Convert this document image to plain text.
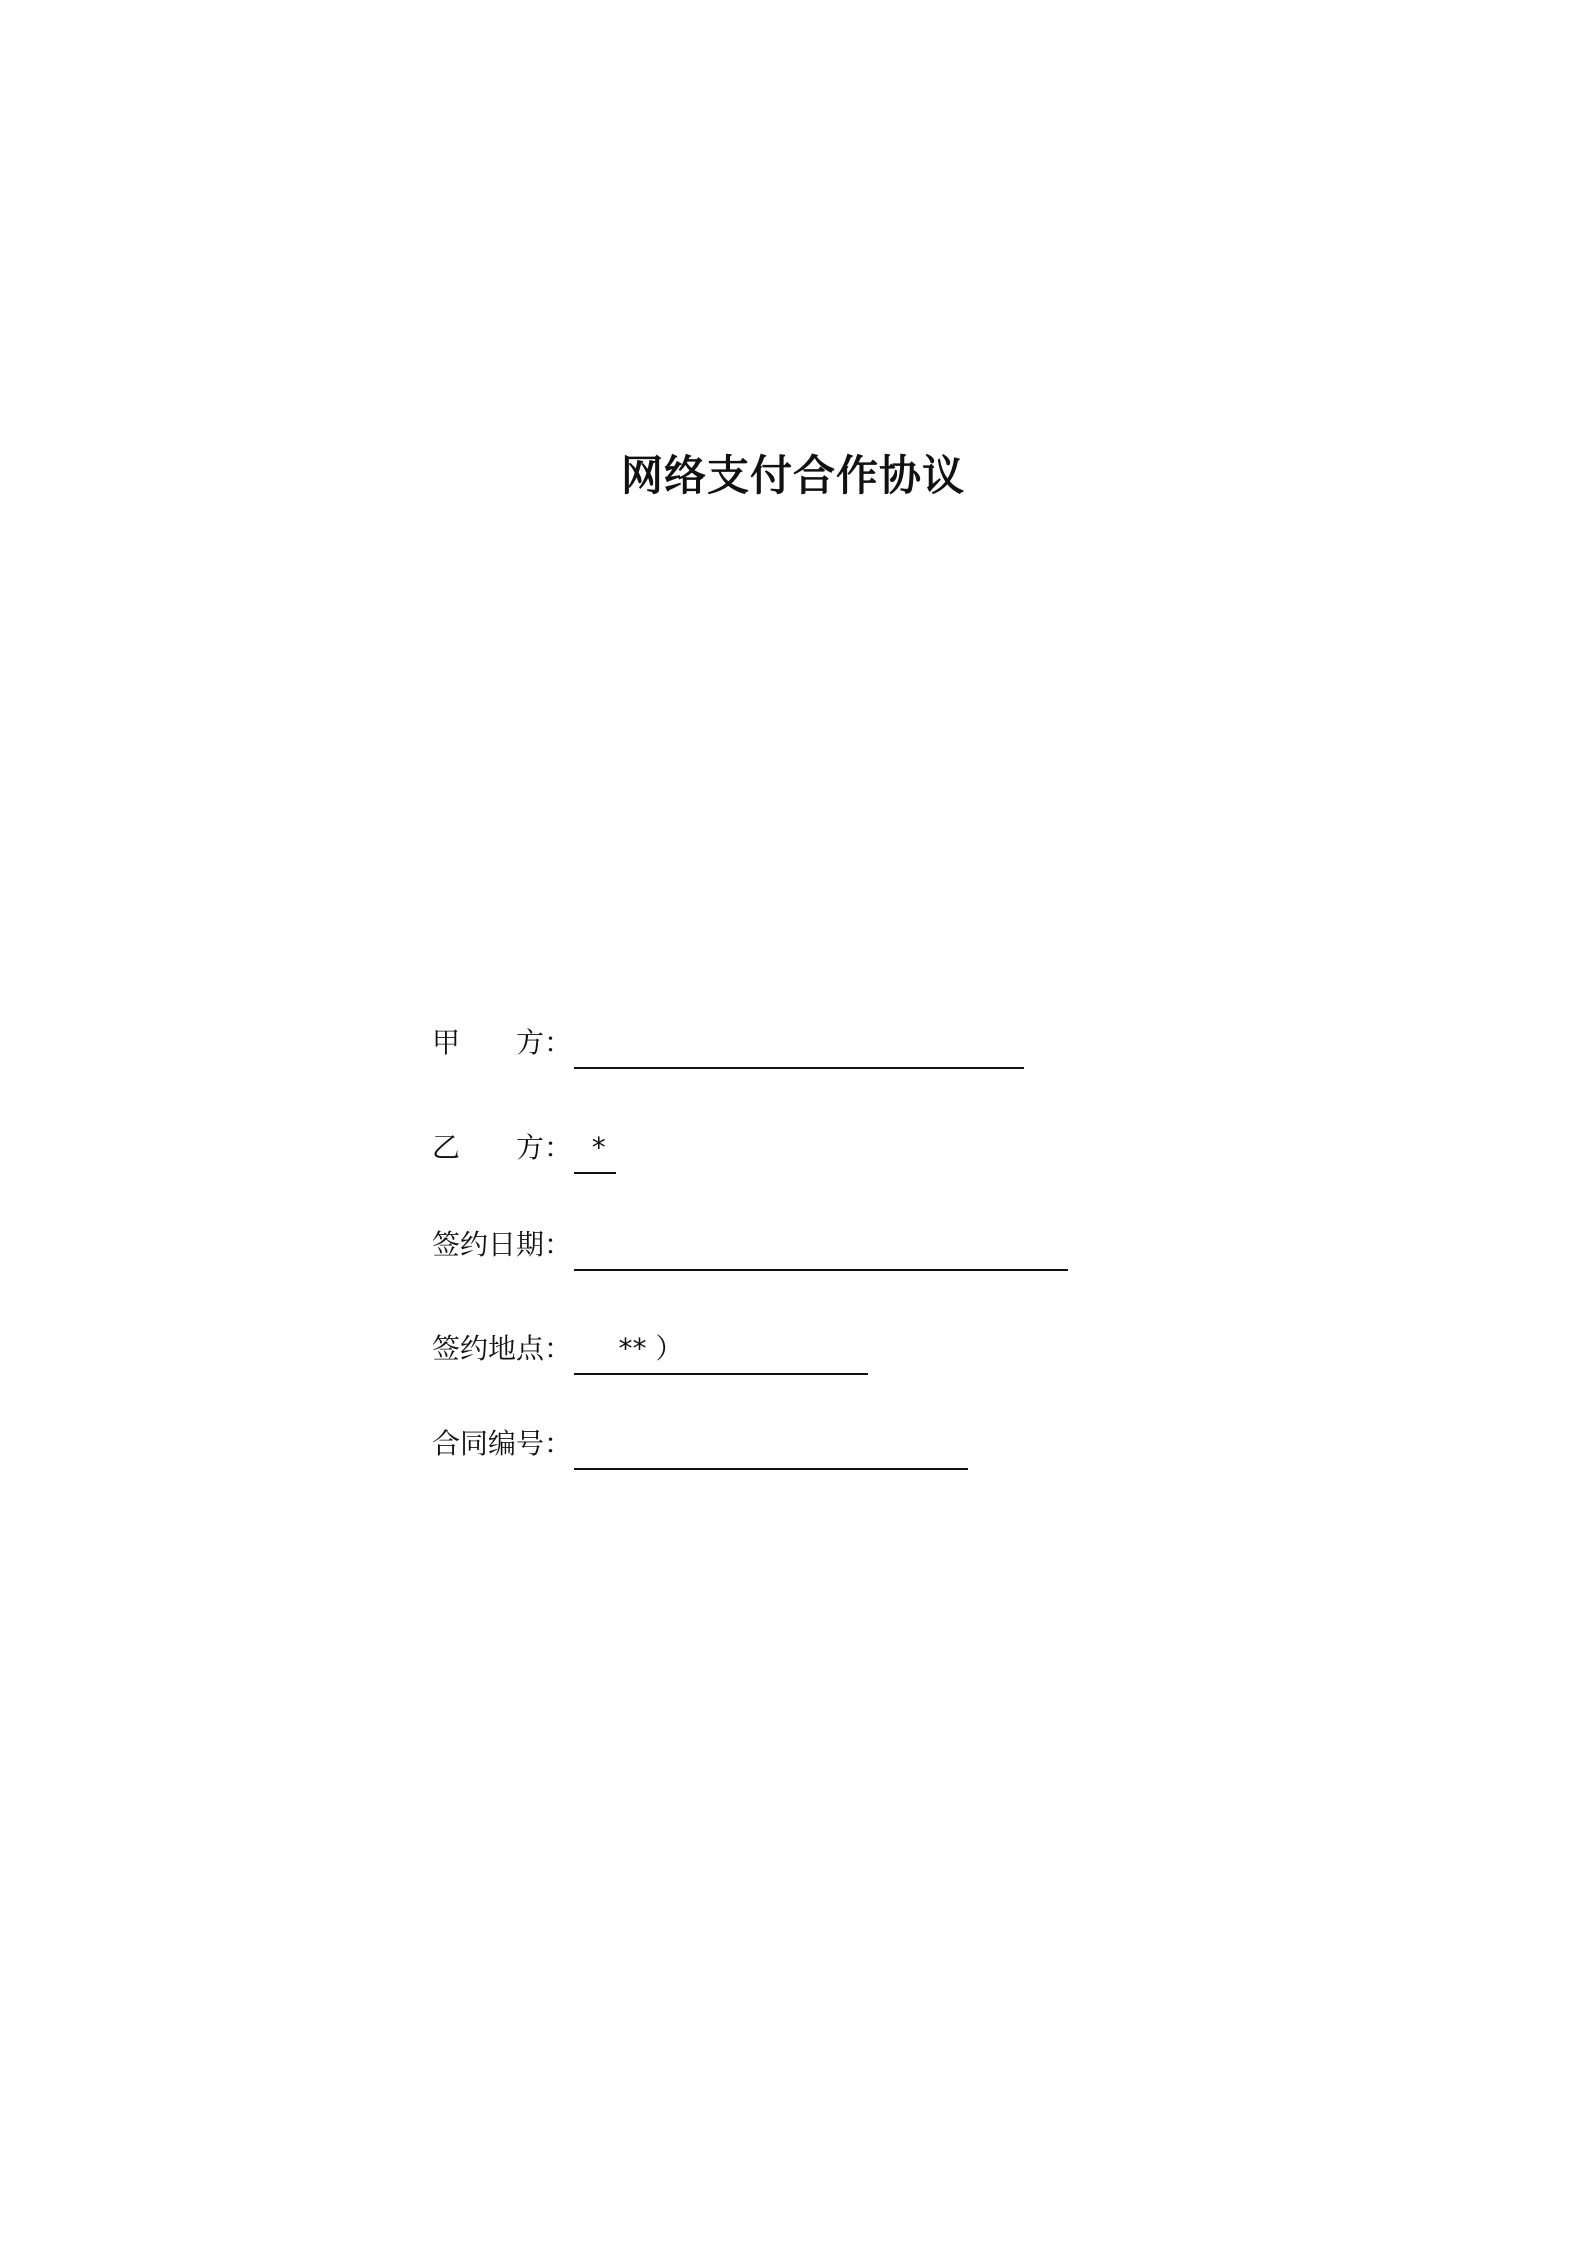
网络支付合作协议
甲　　方：
乙　　方： *
签约日期：
签约地点： ** ）
合同编号：
